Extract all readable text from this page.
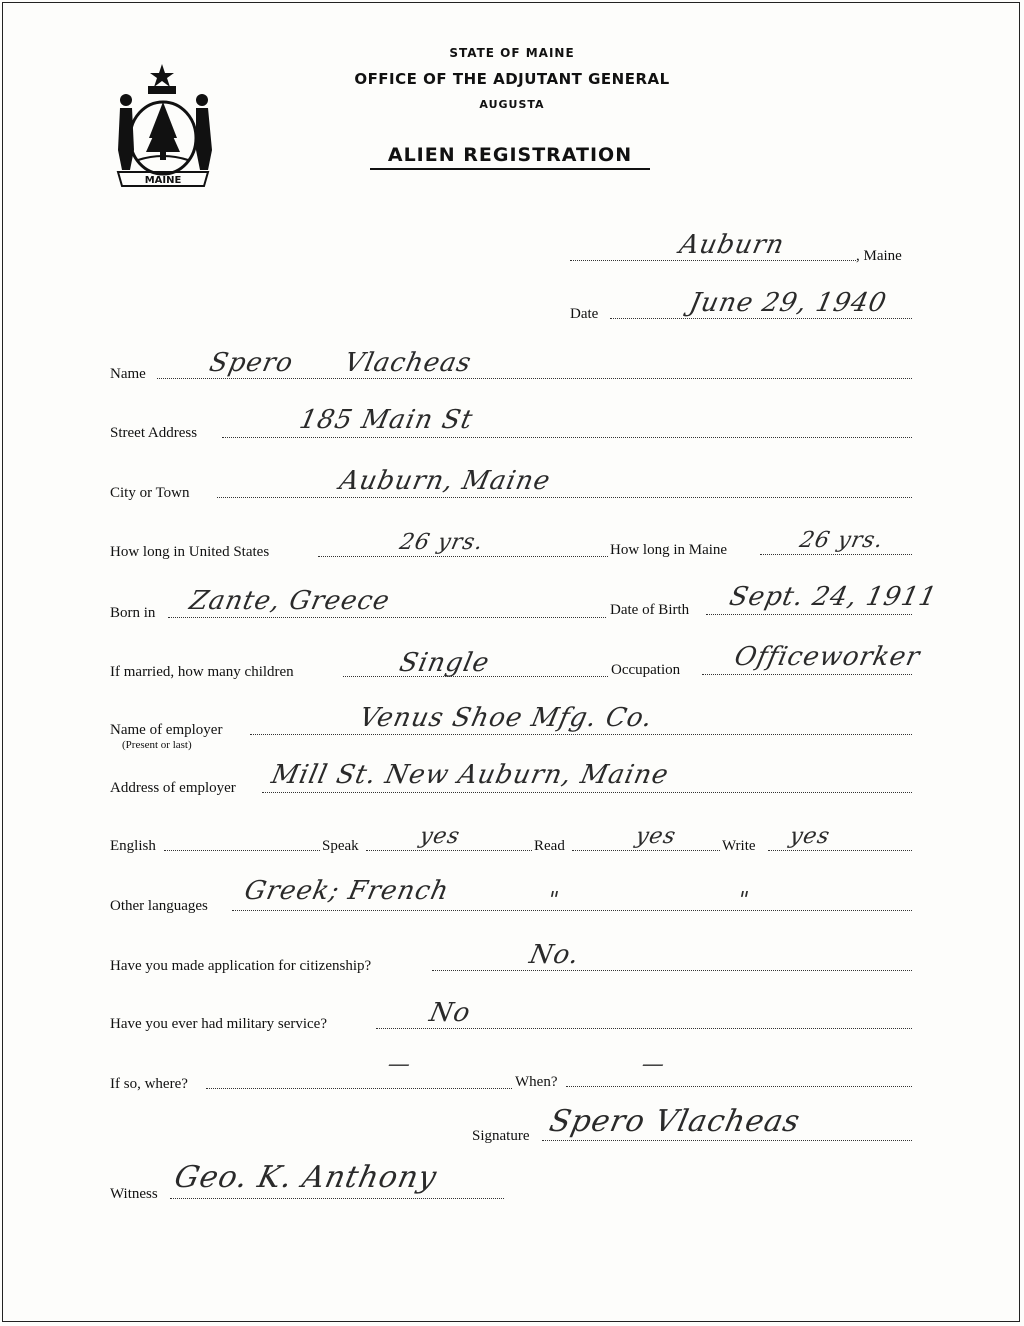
MAINE
STATE OF MAINE
OFFICE OF THE ADJUTANT GENERAL
AUGUSTA
ALIEN REGISTRATION
Auburn	, Maine
Date	June 29, 1940
Name Spero Vlacheas
Street Address	185 Main St
City or Town	Auburn, Maine
How long in United States	26 yrs.	How long in Maine	26 yrs.
Born in Zante, Greece	Date of Birth Sept. 24, 1911
If married, how many children	Single	Occupation Officeworker
Name of employer
(Present or last)
Venus Shoe Mfg. Co.
Address of employer Mill St. New Auburn, Maine
English	Speak	yes	Read	yes	Write yes
Other languages Greek; French	"	"
Have you made application for citizenship?	No.
Have you ever had military service?	No
If so, where?
—
When?
—
Signature Spero Vlacheas
Witness Geo. K. Anthony
